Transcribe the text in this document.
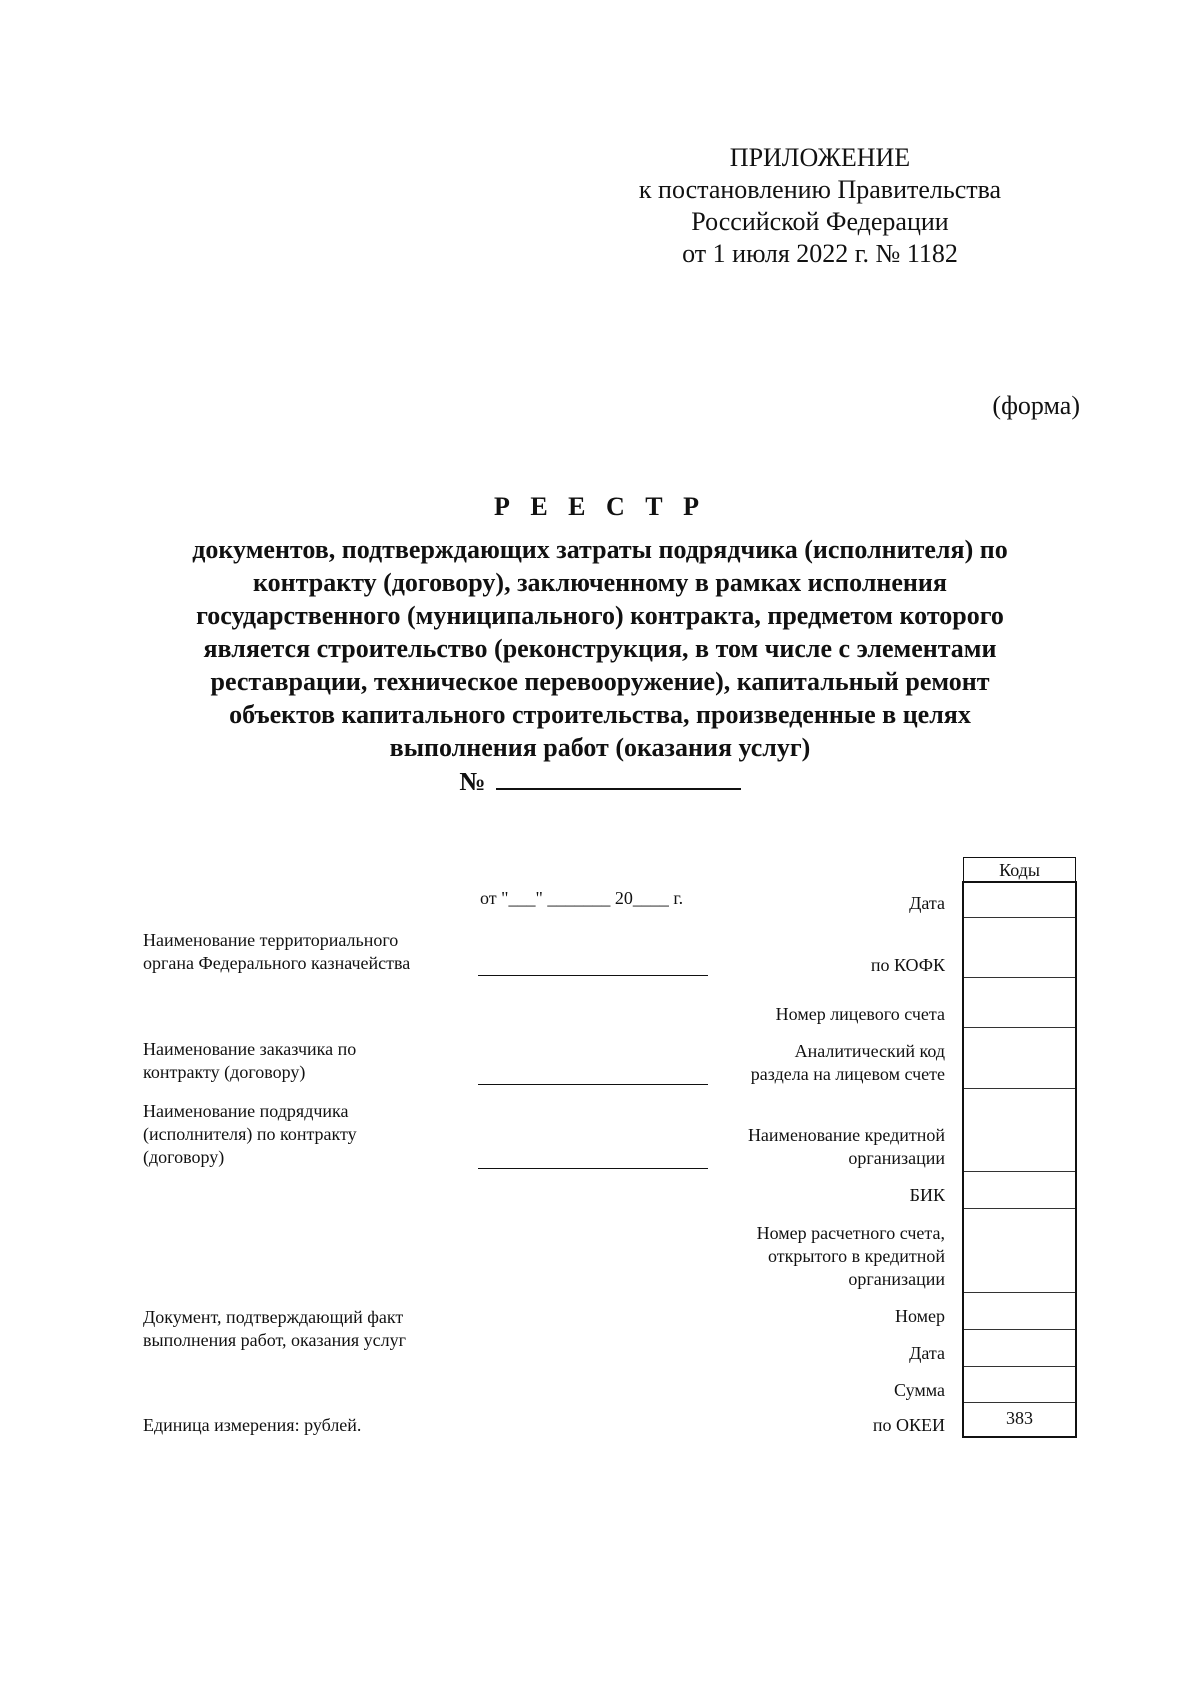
ПРИЛОЖЕНИЕ
к постановлению Правительства
Российской Федерации
от 1 июля 2022 г. № 1182
(форма)
Р Е Е С Т Р
документов, подтверждающих затраты подрядчика (исполнителя) по
контракту (договору), заключенному в рамках исполнения
государственного (муниципального) контракта, предметом которого
является строительство (реконструкция, в том числе с элементами
реставрации, техническое перевооружение), капитальный ремонт
объектов капитального строительства, произведенные в целях
выполнения работ (оказания услуг)
№
от "___" _______ 20____ г.
Наименование территориального
органа Федерального казначейства
Наименование заказчика по
контракту (договору)
Наименование подрядчика
(исполнителя) по контракту
(договору)
Документ, подтверждающий факт
выполнения работ, оказания услуг
Единица измерения: рублей.
Дата
по КОФК
Номер лицевого счета
Аналитический код
раздела на лицевом счете
Наименование кредитной
организации
БИК
Номер расчетного счета,
открытого в кредитной
организации
Номер
Дата
Сумма
по ОКЕИ
Коды
383
